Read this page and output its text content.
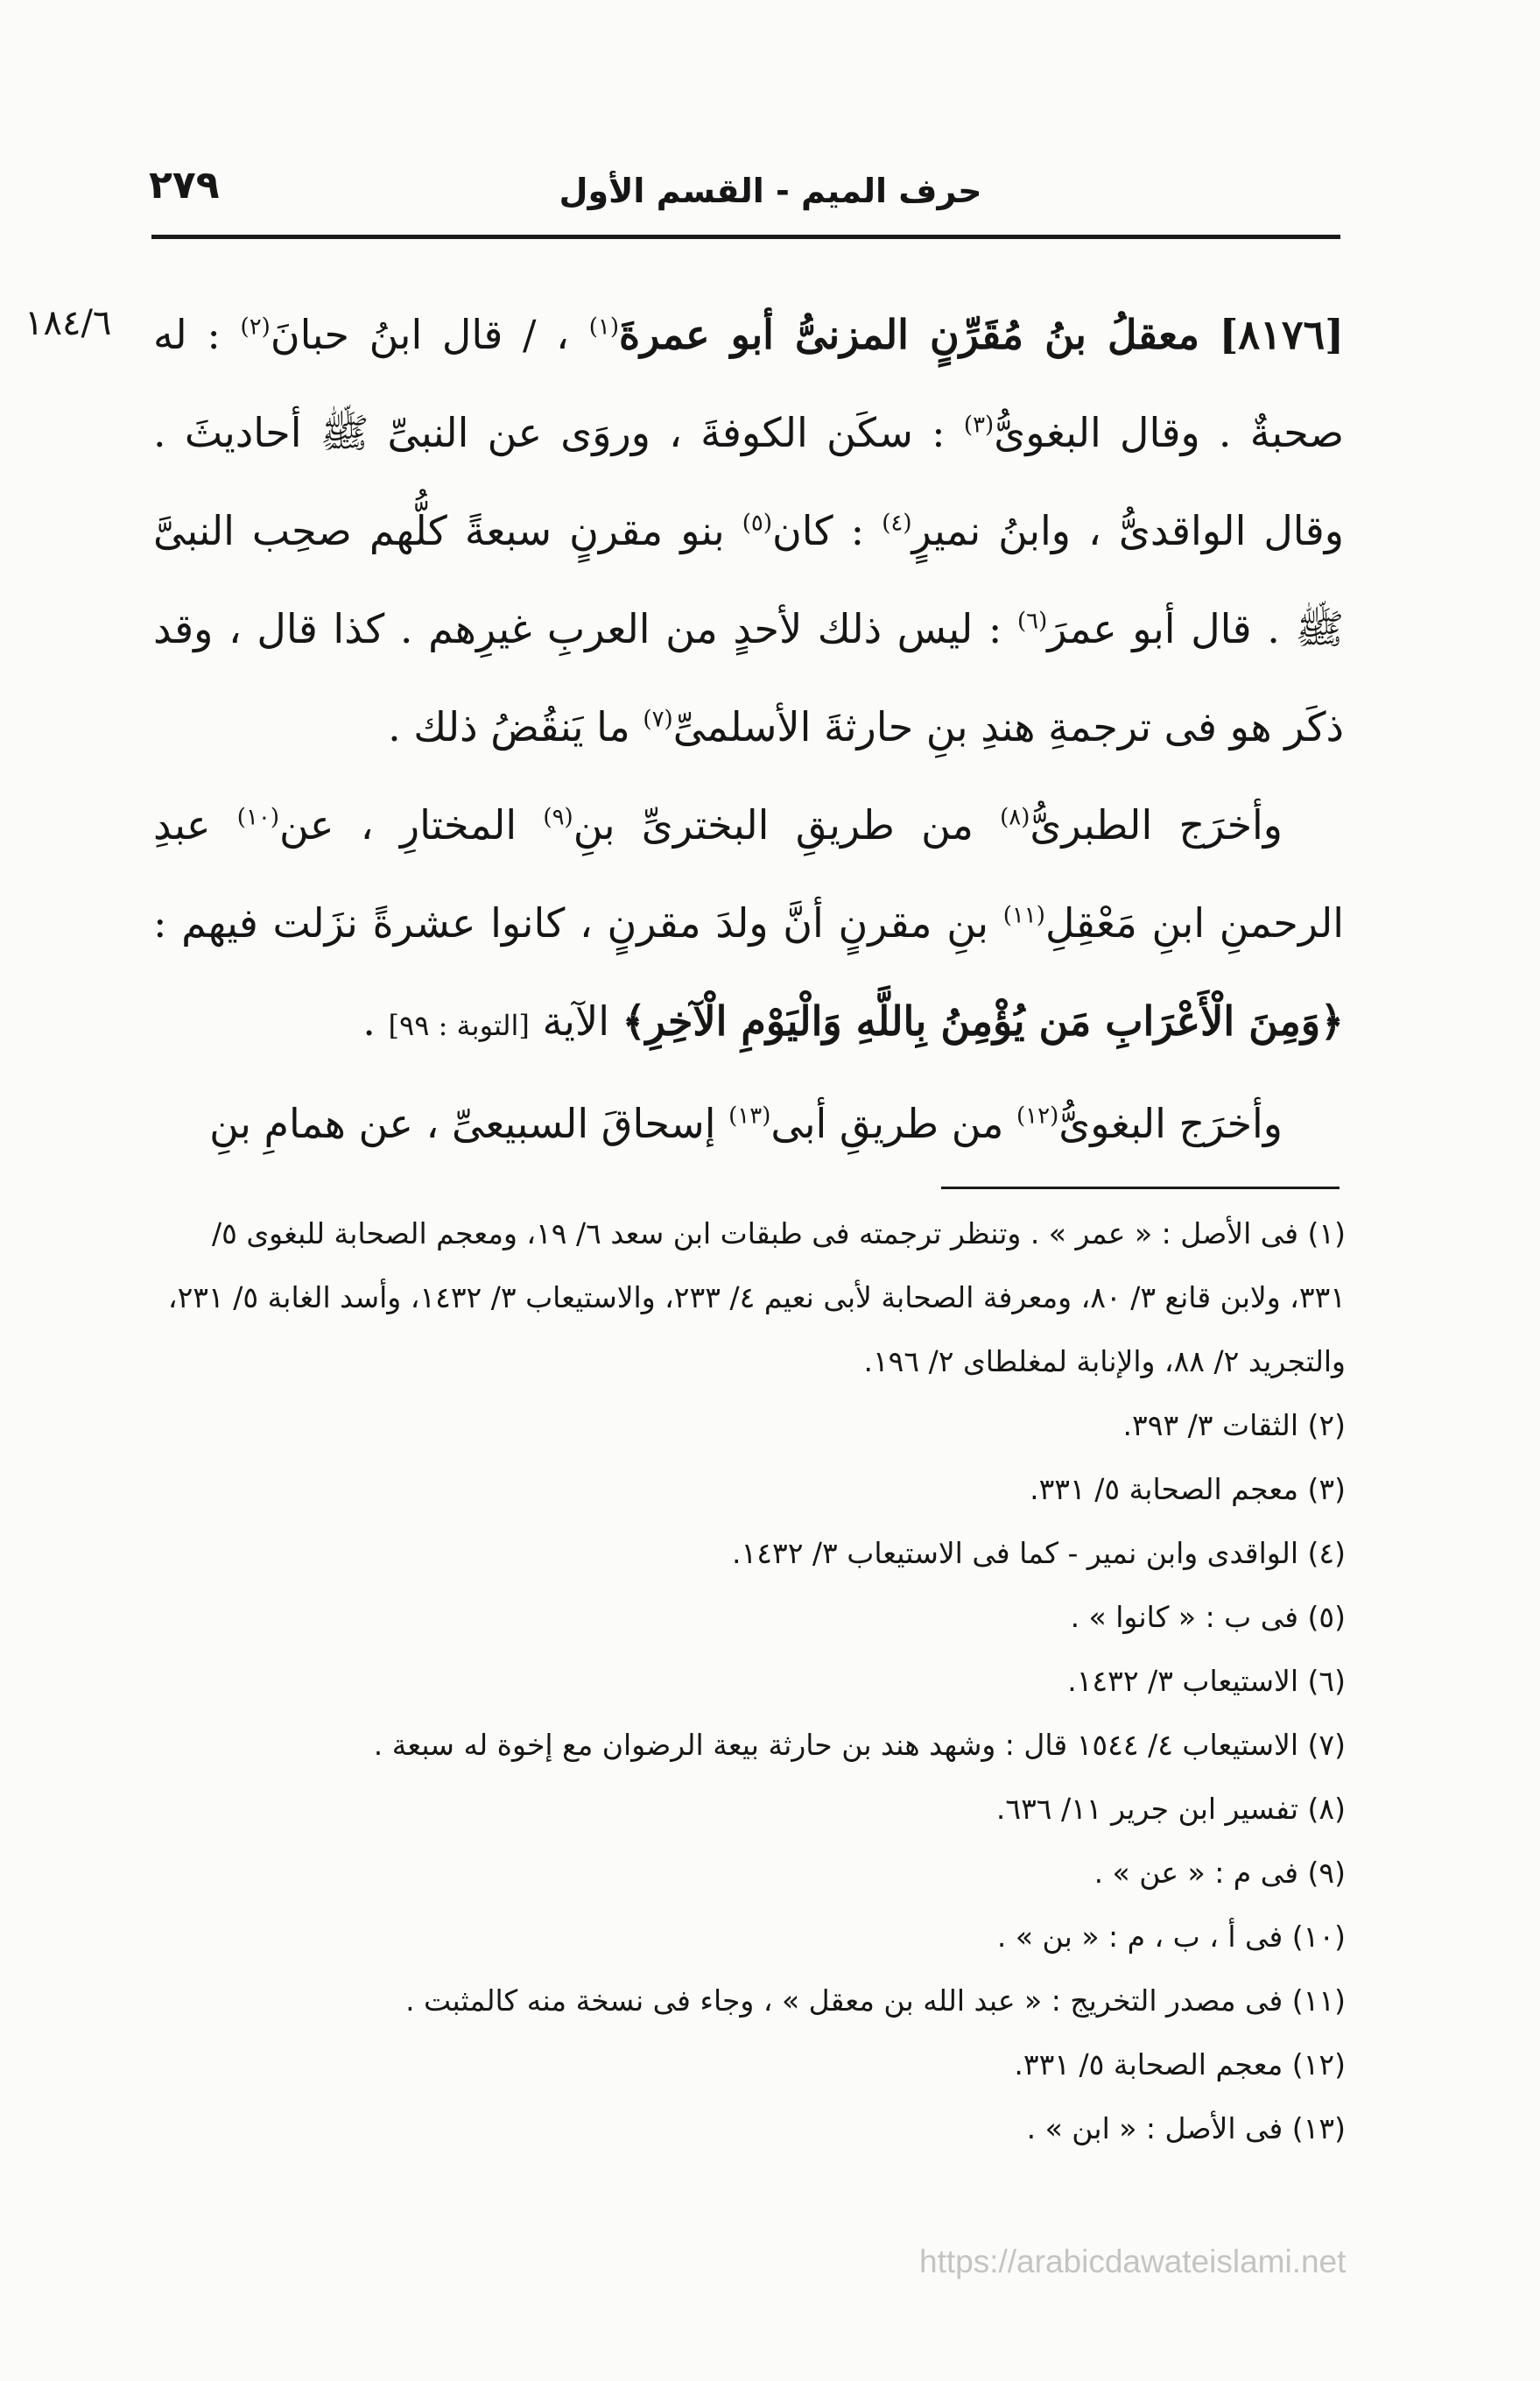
٢٧٩	حرف الميم - القسم الأول
١٨٤/٦	[٨١٧٦] معقلُ بنُ مُقَرِّنٍ المزنىُّ أبو عمرةَ$^{(١)}$ ، / قال ابنُ حبانَ$^{(٢)}$ : له صحبةٌ . وقال البغوىُّ$^{(٣)}$ : سكَن الكوفةَ ، وروَى عن النبىِّ ﷺ أحاديثَ . وقال الواقدىُّ ، وابنُ نميرٍ$^{(٤)}$ : كان$^{(٥)}$ بنو مقرنٍ سبعةً كلُّهم صحِب النبىَّ ﷺ . قال أبو عمرَ$^{(٦)}$ : ليس ذلك لأحدٍ من العربِ غيرِهم . كذا قال ، وقد ذكَر هو فى ترجمةِ هندِ بنِ حارثةَ الأسلمىِّ$^{(٧)}$ ما يَنقُضُ ذلك .

وأخرَج الطبرىُّ$^{(٨)}$ من طريقِ البخترىِّ بنِ$^{(٩)}$ المختارِ ، عن$^{(١٠)}$ عبدِ الرحمنِ ابنِ مَعْقِلِ$^{(١١)}$ بنِ مقرنٍ أنَّ ولدَ مقرنٍ ، كانوا عشرةً نزَلت فيهم : ﴿وَمِنَ الْأَعْرَابِ مَن يُؤْمِنُ بِاللَّهِ وَالْيَوْمِ الْآخِرِ﴾ الآية [التوبة : ٩٩] .

وأخرَج البغوىُّ$^{(١٢)}$ من طريقِ أبى$^{(١٣)}$ إسحاقَ السبيعىِّ ، عن همامِ بنِ

(١) فى الأصل : « عمر » . وتنظر ترجمته فى طبقات ابن سعد ٦/ ١٩، ومعجم الصحابة للبغوى ٥/ ٣٣١، ولابن قانع ٣/ ٨٠، ومعرفة الصحابة لأبى نعيم ٤/ ٢٣٣، والاستيعاب ٣/ ١٤٣٢، وأسد الغابة ٥/ ٢٣١، والتجريد ٢/ ٨٨، والإنابة لمغلطاى ٢/ ١٩٦.

(٢) الثقات ٣/ ٣٩٣.

(٣) معجم الصحابة ٥/ ٣٣١.

(٤) الواقدى وابن نمير - كما فى الاستيعاب ٣/ ١٤٣٢.

(٥) فى ب : « كانوا » .

(٦) الاستيعاب ٣/ ١٤٣٢.

(٧) الاستيعاب ٤/ ١٥٤٤ قال : وشهد هند بن حارثة بيعة الرضوان مع إخوة له سبعة .

(٨) تفسير ابن جرير ١١/ ٦٣٦.

(٩) فى م : « عن » .

(١٠) فى أ ، ب ، م : « بن » .

(١١) فى مصدر التخريج : « عبد الله بن معقل » ، وجاء فى نسخة منه كالمثبت .

(١٢) معجم الصحابة ٥/ ٣٣١.

(١٣) فى الأصل : « ابن » .

https://arabicdawateislami.net
